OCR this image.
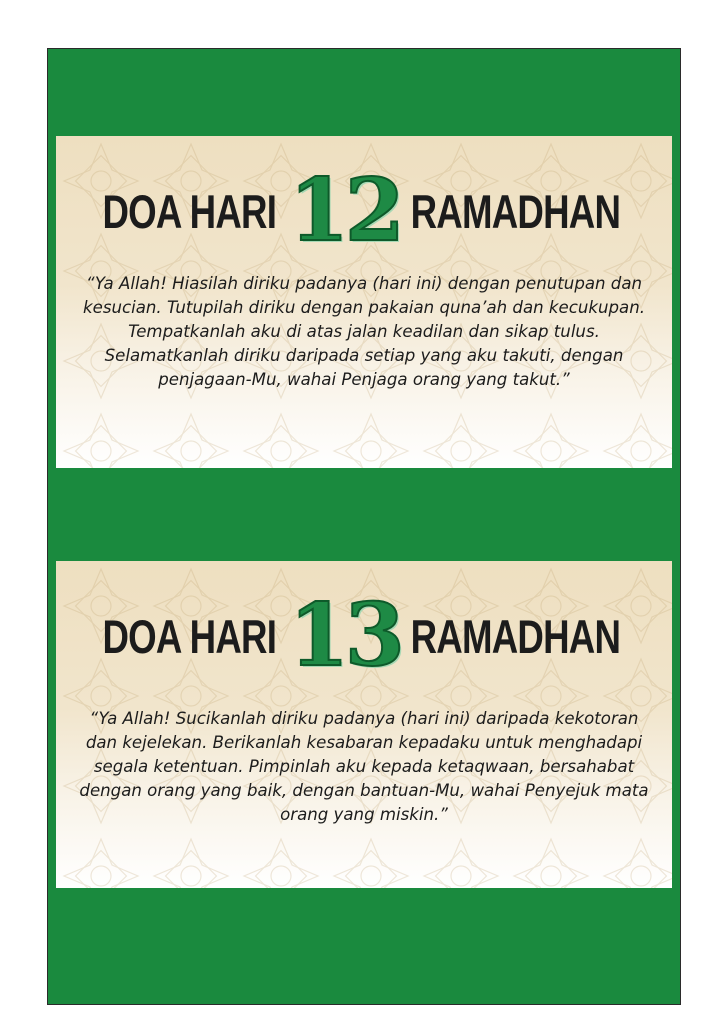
DOA HARI 12 RAMADHAN

“Ya Allah! Hiasilah diriku padanya (hari ini) dengan penutupan dan kesucian. Tutupilah diriku dengan pakaian quna’ah dan kecukupan. Tempatkanlah aku di atas jalan keadilan dan sikap tulus. Selamatkanlah diriku daripada setiap yang aku takuti, dengan penjagaan-Mu, wahai Penjaga orang yang takut.”

DOA HARI 13 RAMADHAN

“Ya Allah! Sucikanlah diriku padanya (hari ini) daripada kekotoran dan kejelekan. Berikanlah kesabaran kepadaku untuk menghadapi segala ketentuan. Pimpinlah aku kepada ketaqwaan, bersahabat dengan orang yang baik, dengan bantuan-Mu, wahai Penyejuk mata orang yang miskin.”
